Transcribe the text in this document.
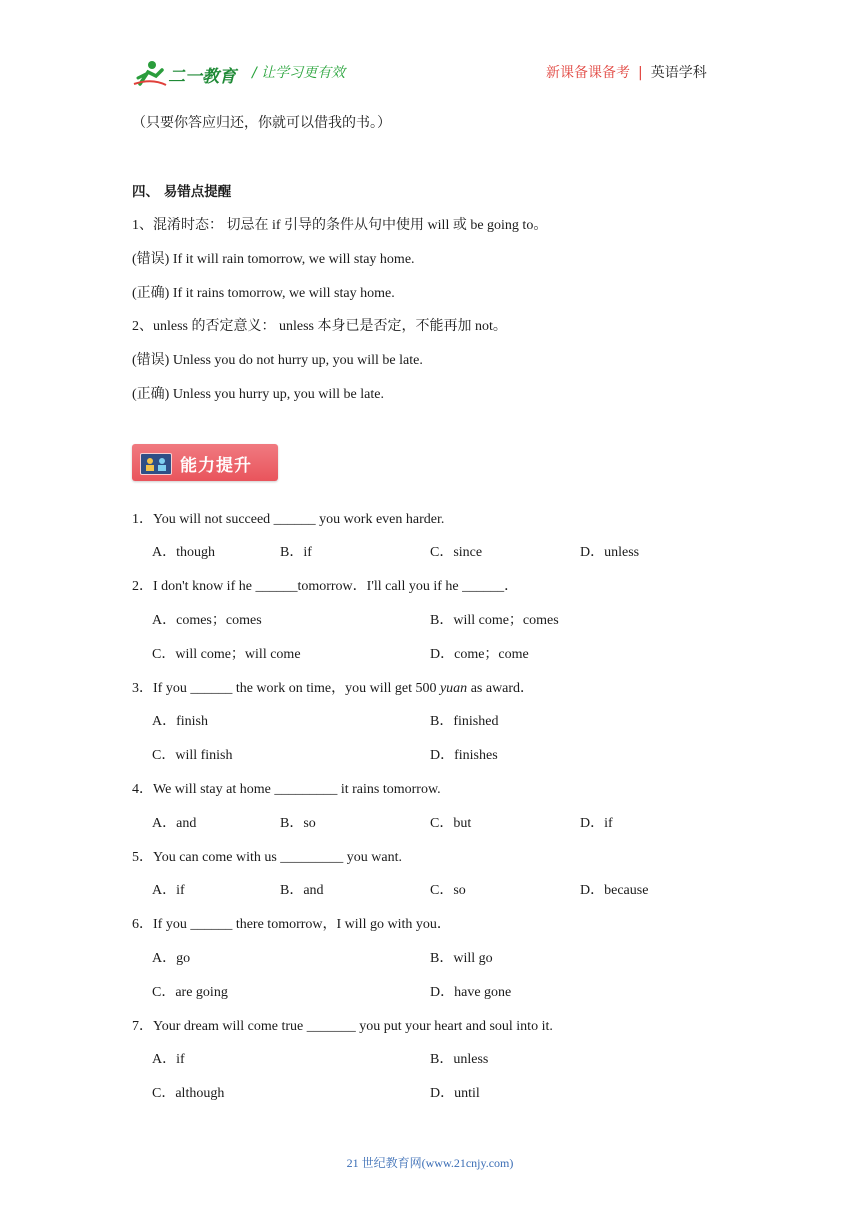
二一教育 / 让学习更有效	新课备课备考 | 英语学科
（只要你答应归还，你就可以借我的书。）
四、 易错点提醒
1、混淆时态： 切忌在 if 引导的条件从句中使用 will 或 be going to。
(错误) If it will rain tomorrow, we will stay home.
(正确) If it rains tomorrow, we will stay home.
2、unless 的否定意义： unless 本身已是否定，不能再加 not。
(错误) Unless you do not hurry up, you will be late.
(正确) Unless you hurry up, you will be late.
能力提升
1．You will not succeed ______ you work even harder.
A．though	B．if	C．since	D．unless
2．I don't know if he ______tomorrow．I'll call you if he ______．
A．comes；comes	B．will come；comes
C．will come；will come	D．come；come
3．If you ______ the work on time，you will get 500 yuan as award．
A．finish	B．finished
C．will finish	D．finishes
4．We will stay at home _________ it rains tomorrow.
A．and	B．so	C．but	D．if
5．You can come with us _________ you want.
A．if	B．and	C．so	D．because
6．If you ______ there tomorrow，I will go with you．
A．go	B．will go
C．are going	D．have gone
7．Your dream will come true _______ you put your heart and soul into it.
A．if	B．unless
C．although	D．until
21 世纪教育网(www.21cnjy.com)
